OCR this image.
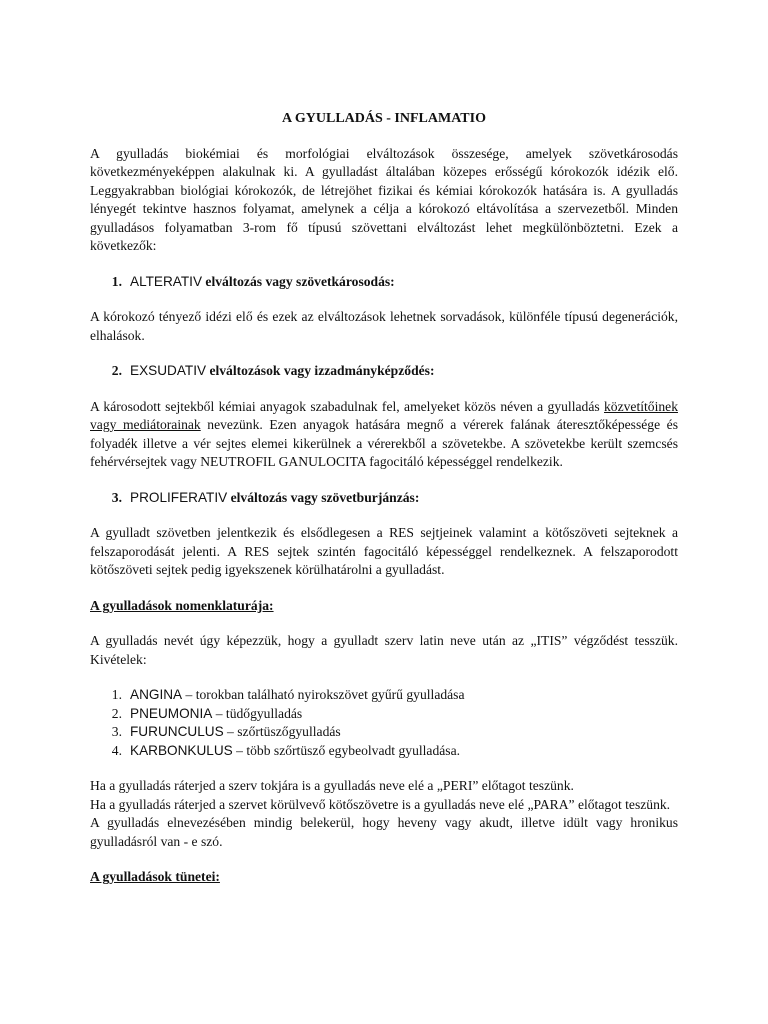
A GYULLADÁS - INFLAMATIO

A gyulladás biokémiai és morfológiai elváltozások összesége, amelyek szövetkárosodás következményeképpen alakulnak ki. A gyulladást általában közepes erősségű kórokozók idézik elő. Leggyakrabban biológiai kórokozók, de létrejöhet fizikai és kémiai kórokozók hatására is. A gyulladás lényegét tekintve hasznos folyamat, amelynek a célja a kórokozó eltávolítása a szervezetből. Minden gyulladásos folyamatban 3-rom fő típusú szövettani elváltozást lehet megkülönböztetni. Ezek a következők:

1. ALTERATIV elváltozás vagy szövetkárosodás:

A kórokozó tényező idézi elő és ezek az elváltozások lehetnek sorvadások, különféle típusú degenerációk, elhalások.

2. EXSUDATIV elváltozások vagy izzadmányképződés:

A károsodott sejtekből kémiai anyagok szabadulnak fel, amelyeket közös néven a gyulladás közvetítőinek vagy mediátorainak nevezünk. Ezen anyagok hatására megnő a vérerek falának áteresztőképessége és folyadék illetve a vér sejtes elemei kikerülnek a vérerekből a szövetekbe. A szövetekbe került szemcsés fehérvérsejtek vagy NEUTROFIL GANULOCITA fagocitáló képességgel rendelkezik.

3. PROLIFERATIV elváltozás vagy szövetburjánzás:

A gyulladt szövetben jelentkezik és elsődlegesen a RES sejtjeinek valamint a kötőszöveti sejteknek a felszaporodását jelenti. A RES sejtek szintén fagocitáló képességgel rendelkeznek. A felszaporodott kötőszöveti sejtek pedig igyekszenek körülhatárolni a gyulladást.

A gyulladások nomenklaturája:

A gyulladás nevét úgy képezzük, hogy a gyulladt szerv latin neve után az „ITIS” végződést tesszük. Kivételek:

1. ANGINA – torokban található nyirokszövet gyűrű gyulladása
2. PNEUMONIA – tüdőgyulladás
3. FURUNCULUS – szőrtüszőgyulladás
4. KARBONKULUS – több szőrtüsző egybeolvadt gyulladása.

Ha a gyulladás ráterjed a szerv tokjára is a gyulladás neve elé a „PERI” előtagot teszünk.

Ha a gyulladás ráterjed a szervet körülvevő kötőszövetre is a gyulladás neve elé „PARA” előtagot teszünk.

A gyulladás elnevezésében mindig belekerül, hogy heveny vagy akudt, illetve idült vagy hronikus gyulladásról van - e szó.

A gyulladások tünetei:
